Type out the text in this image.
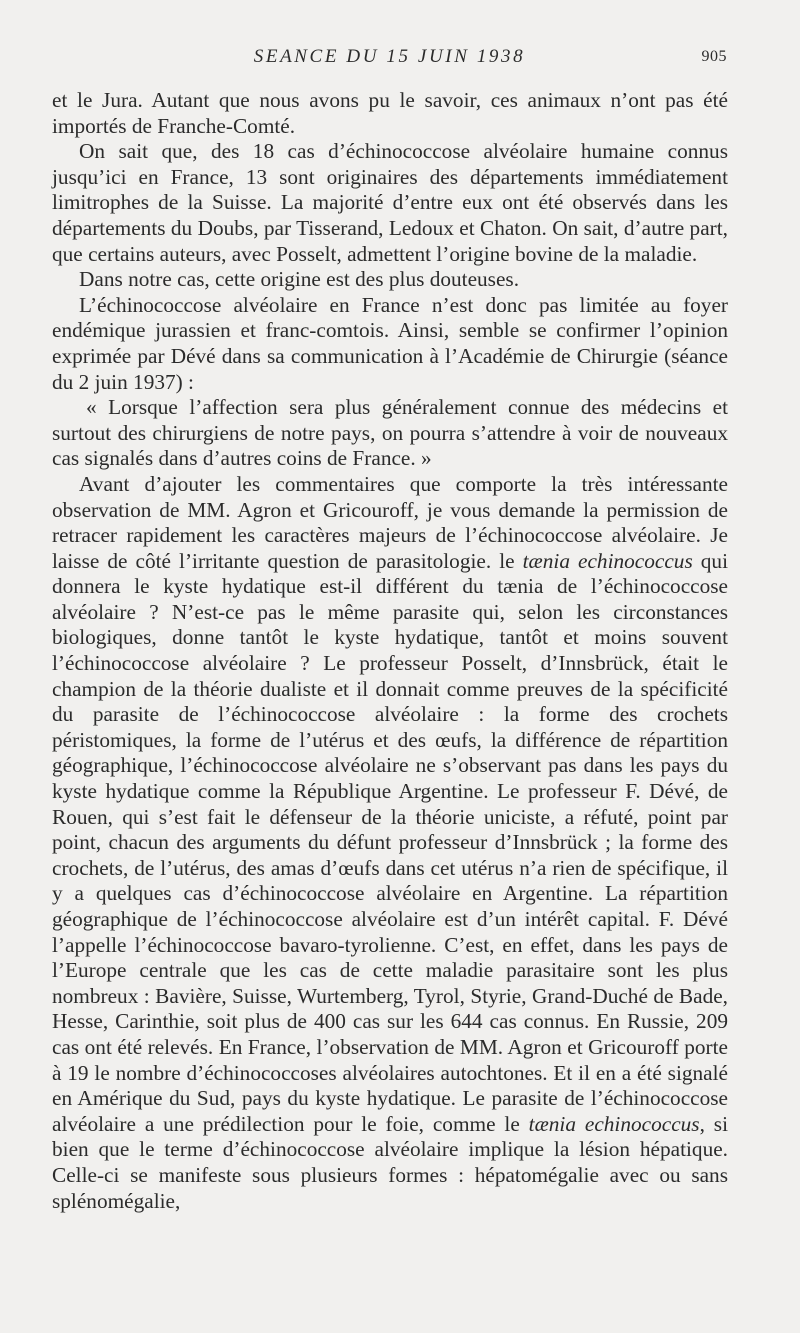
SEANCE DU 15 JUIN 1938	905

et le Jura. Autant que nous avons pu le savoir, ces animaux n’ont pas été importés de Franche-Comté.

On sait que, des 18 cas d’échinococcose alvéolaire humaine connus jusqu’ici en France, 13 sont originaires des départements immédiatement limitrophes de la Suisse. La majorité d’entre eux ont été observés dans les départements du Doubs, par Tisserand, Ledoux et Chaton. On sait, d’autre part, que certains auteurs, avec Posselt, admettent l’origine bovine de la maladie.

Dans notre cas, cette origine est des plus douteuses.

L’échinococcose alvéolaire en France n’est donc pas limitée au foyer endémique jurassien et franc-comtois. Ainsi, semble se confirmer l’opinion exprimée par Dévé dans sa communication à l’Académie de Chirurgie (séance du 2 juin 1937) :

« Lorsque l’affection sera plus généralement connue des médecins et surtout des chirurgiens de notre pays, on pourra s’attendre à voir de nouveaux cas signalés dans d’autres coins de France. »

Avant d’ajouter les commentaires que comporte la très intéressante observation de MM. Agron et Gricouroff, je vous demande la permission de retracer rapidement les caractères majeurs de l’échinococcose alvéolaire. Je laisse de côté l’irritante question de parasitologie. le tænia echinococcus qui donnera le kyste hydatique est-il différent du tænia de l’échinococcose alvéolaire ? N’est-ce pas le même parasite qui, selon les circonstances biologiques, donne tantôt le kyste hydatique, tantôt et moins souvent l’échinococcose alvéolaire ? Le professeur Posselt, d’Innsbrück, était le champion de la théorie dualiste et il donnait comme preuves de la spécificité du parasite de l’échinococcose alvéolaire : la forme des crochets péristomiques, la forme de l’utérus et des œufs, la différence de répartition géographique, l’échinococcose alvéolaire ne s’observant pas dans les pays du kyste hydatique comme la République Argentine. Le professeur F. Dévé, de Rouen, qui s’est fait le défenseur de la théorie uniciste, a réfuté, point par point, chacun des arguments du défunt professeur d’Innsbrück ; la forme des crochets, de l’utérus, des amas d’œufs dans cet utérus n’a rien de spécifique, il y a quelques cas d’échinococcose alvéolaire en Argentine. La répartition géographique de l’échinococcose alvéolaire est d’un intérêt capital. F. Dévé l’appelle l’échinococcose bavaro-tyrolienne. C’est, en effet, dans les pays de l’Europe centrale que les cas de cette maladie parasitaire sont les plus nombreux : Bavière, Suisse, Wurtemberg, Tyrol, Styrie, Grand-Duché de Bade, Hesse, Carinthie, soit plus de 400 cas sur les 644 cas connus. En Russie, 209 cas ont été relevés. En France, l’observation de MM. Agron et Gricouroff porte à 19 le nombre d’échinococcoses alvéolaires autochtones. Et il en a été signalé en Amérique du Sud, pays du kyste hydatique. Le parasite de l’échinococcose alvéolaire a une prédilection pour le foie, comme le tænia echinococcus, si bien que le terme d’échinococcose alvéolaire implique la lésion hépatique. Celle-ci se manifeste sous plusieurs formes : hépatomégalie avec ou sans splénomégalie,
